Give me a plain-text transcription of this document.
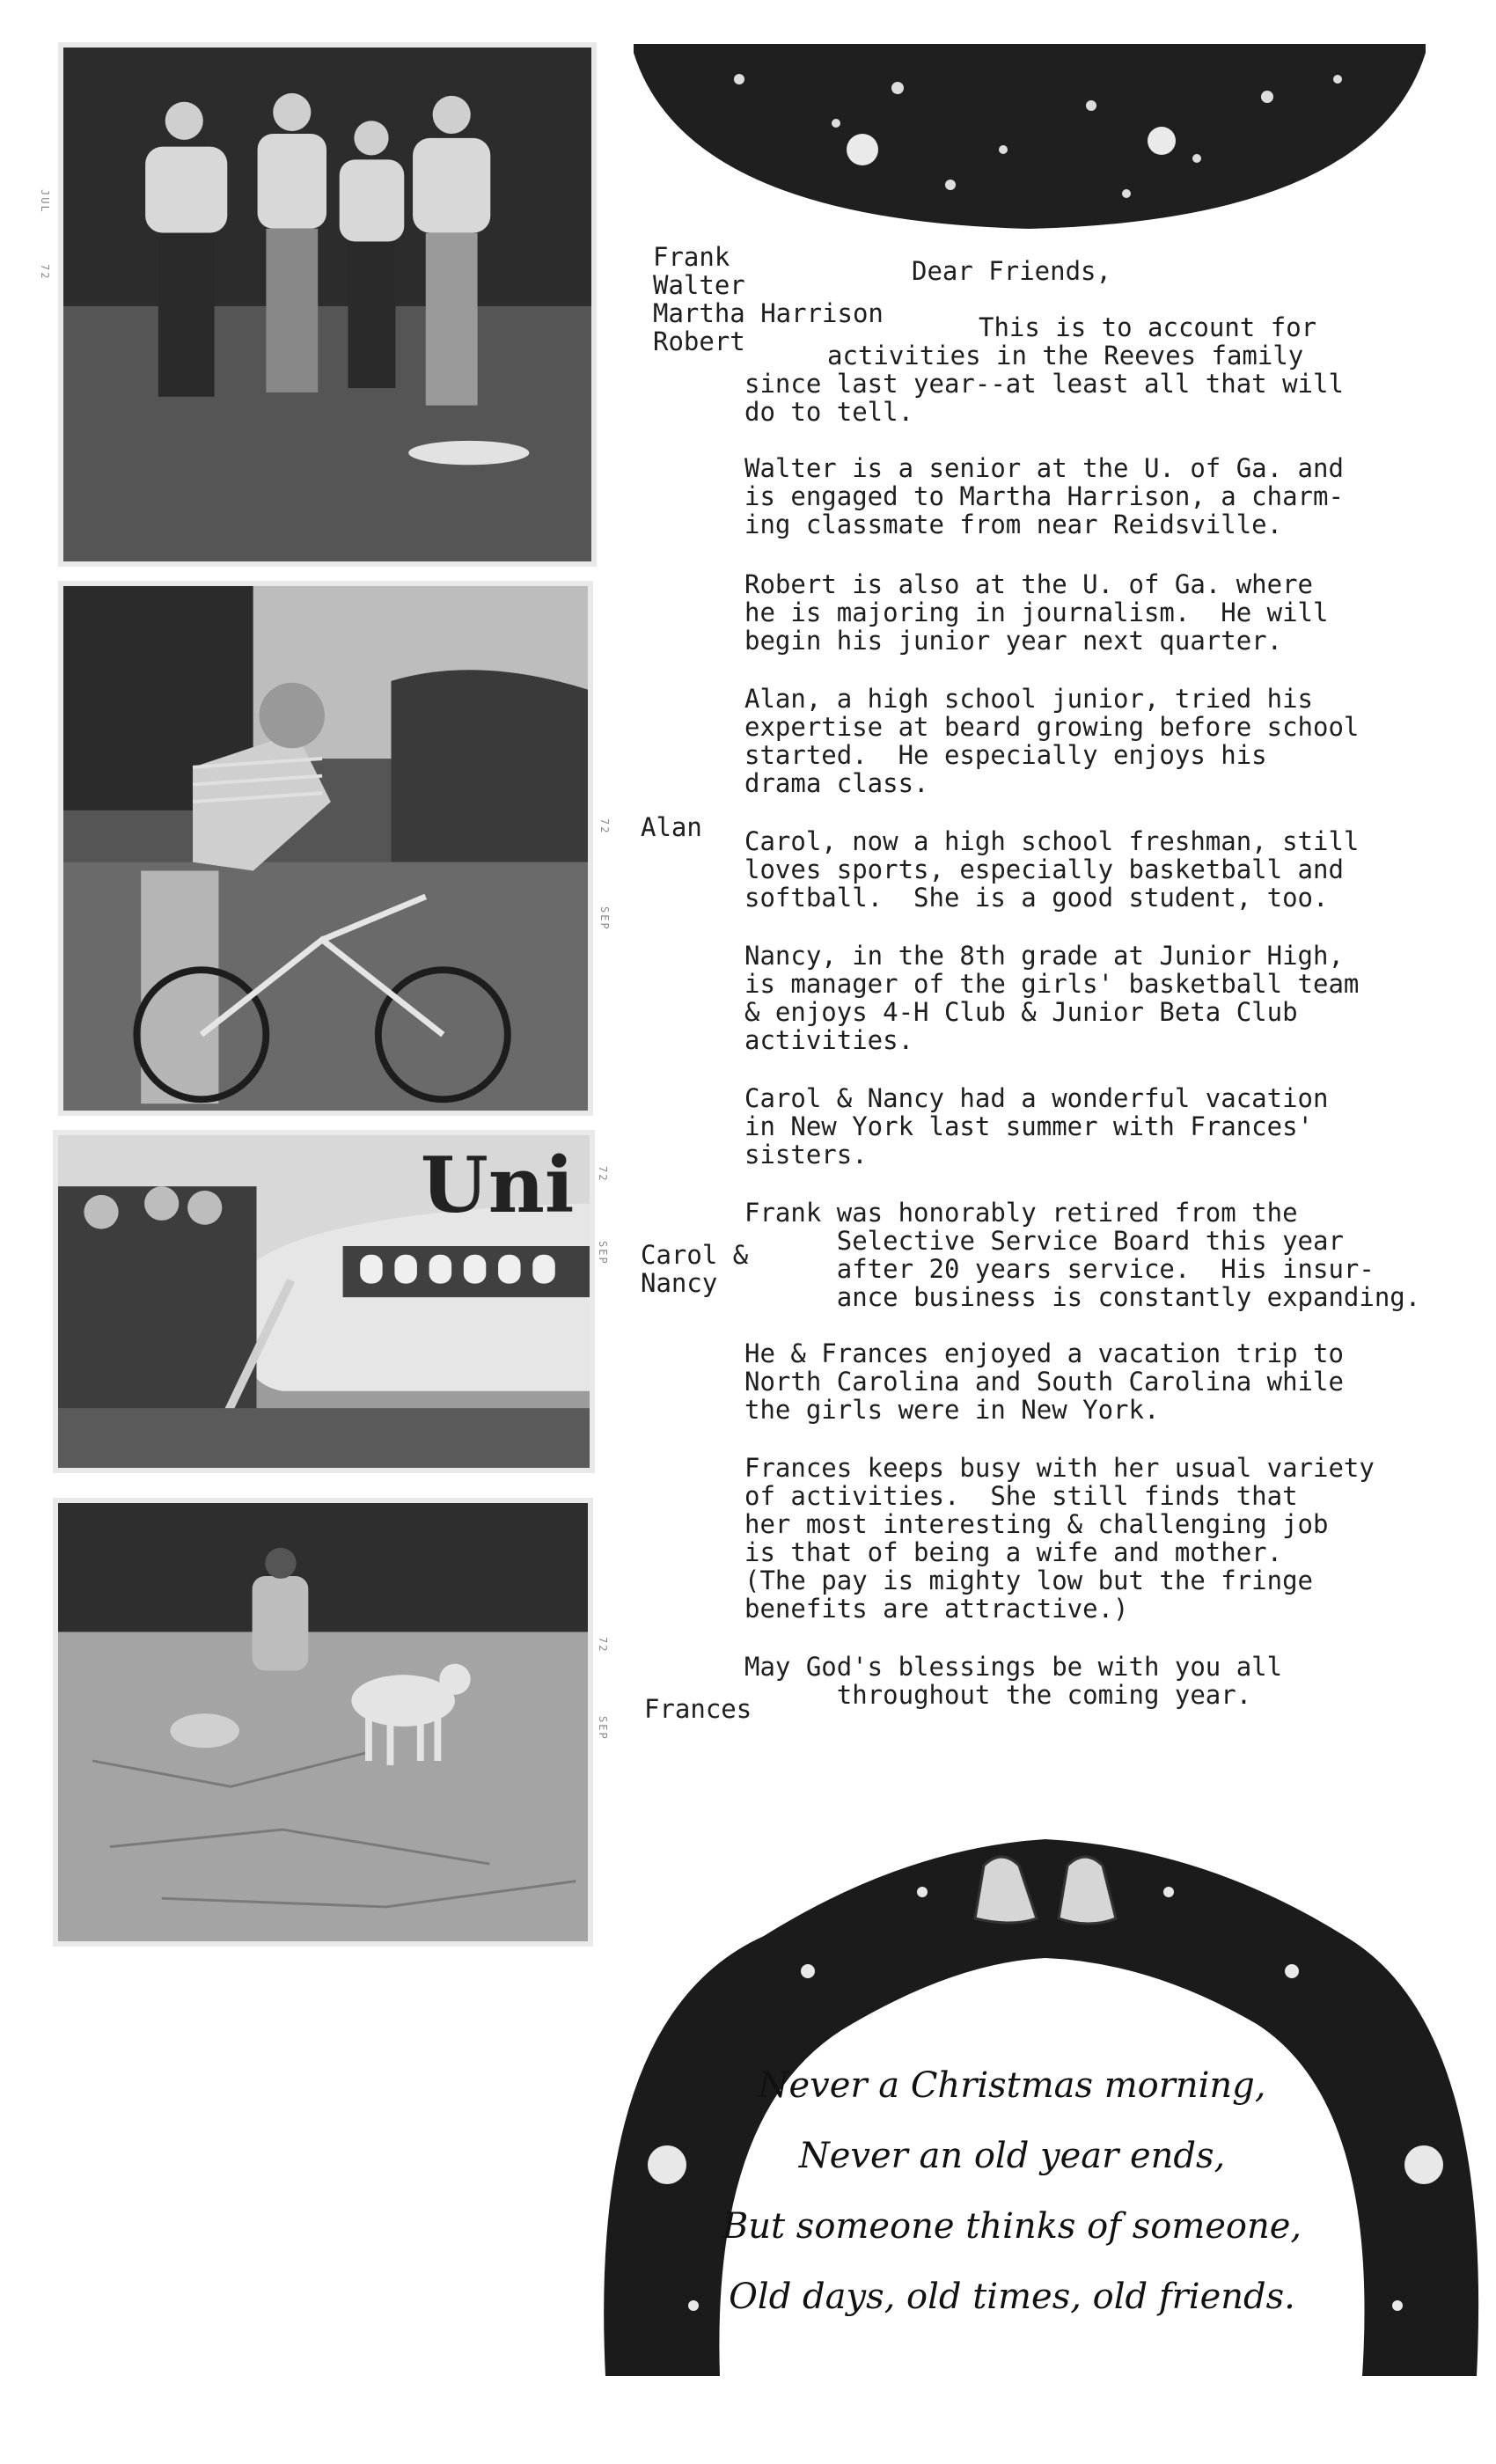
JUL
72
72
SEP
Uni 72
SEP
72
SEP
Frank
Walter
Martha Harrison
Robert
Alan
Carol &
Nancy
Frances
Dear Friends,
This is to account for
activities in the Reeves family
since last year--at least all that will
do to tell.
Walter is a senior at the U. of Ga. and
is engaged to Martha Harrison, a charm-
ing classmate from near Reidsville.
Robert is also at the U. of Ga. where
he is majoring in journalism.  He will
begin his junior year next quarter.
Alan, a high school junior, tried his
expertise at beard growing before school
started.  He especially enjoys his
drama class.
Carol, now a high school freshman, still
loves sports, especially basketball and
softball.  She is a good student, too.
Nancy, in the 8th grade at Junior High,
is manager of the girls' basketball team
& enjoys 4-H Club & Junior Beta Club
activities.
Carol & Nancy had a wonderful vacation
in New York last summer with Frances'
sisters.
Frank was honorably retired from the
Selective Service Board this year
after 20 years service.  His insur-
ance business is constantly expanding.
He & Frances enjoyed a vacation trip to
North Carolina and South Carolina while
the girls were in New York.
Frances keeps busy with her usual variety
of activities.  She still finds that
her most interesting & challenging job
is that of being a wife and mother.
(The pay is mighty low but the fringe
benefits are attractive.)
May God's blessings be with you all
throughout the coming year.
Never a Christmas morning,
Never an old year ends,
But someone thinks of someone,
Old days, old times, old friends.
